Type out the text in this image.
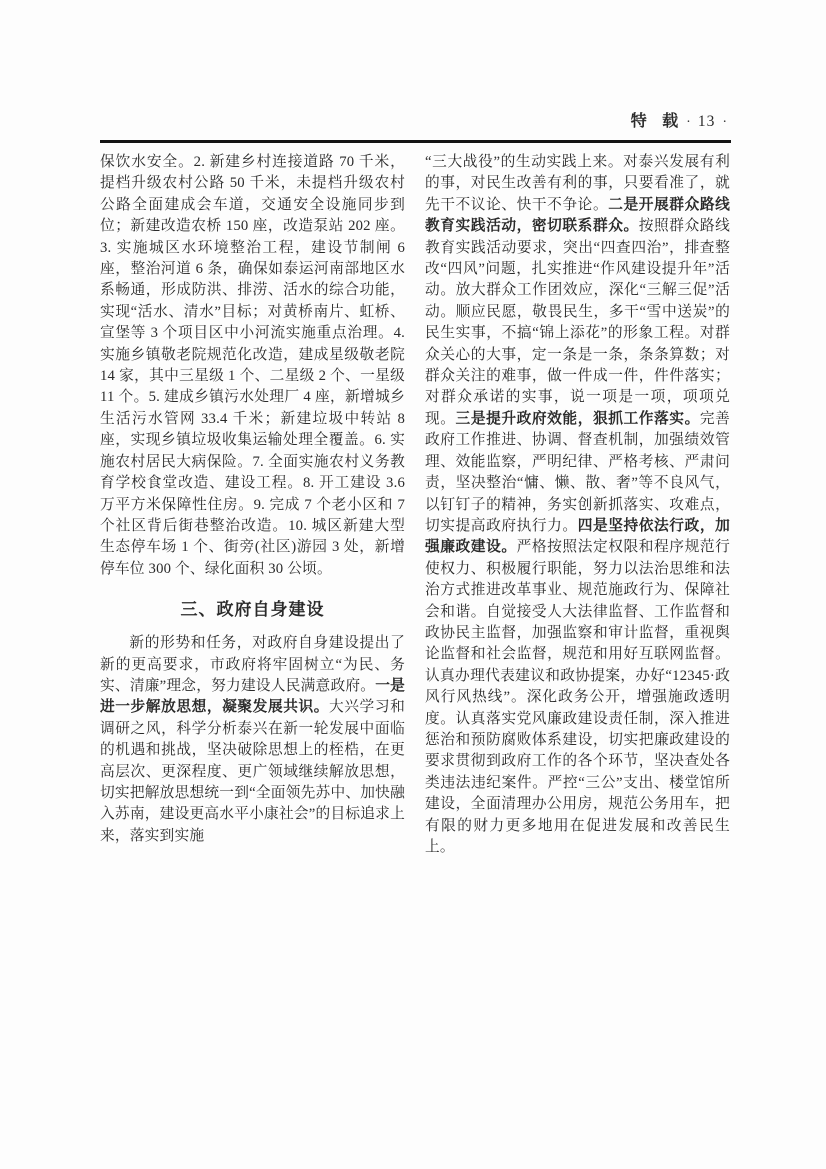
特 载 · 13 ·

保饮水安全。2. 新建乡村连接道路 70 千米，提档升级农村公路 50 千米，未提档升级农村公路全面建成会车道，交通安全设施同步到位；新建改造农桥 150 座，改造泵站 202 座。3. 实施城区水环境整治工程，建设节制闸 6 座，整治河道 6 条，确保如泰运河南部地区水系畅通，形成防洪、排涝、活水的综合功能，实现“活水、清水”目标；对黄桥南片、虹桥、宣堡等 3 个项目区中小河流实施重点治理。4. 实施乡镇敬老院规范化改造，建成星级敬老院 14 家，其中三星级 1 个、二星级 2 个、一星级 11 个。5. 建成乡镇污水处理厂 4 座，新增城乡生活污水管网 33.4 千米；新建垃圾中转站 8 座，实现乡镇垃圾收集运输处理全覆盖。6. 实施农村居民大病保险。7. 全面实施农村义务教育学校食堂改造、建设工程。8. 开工建设 3.6 万平方米保障性住房。9. 完成 7 个老小区和 7 个社区背后街巷整治改造。10. 城区新建大型生态停车场 1 个、街旁(社区)游园 3 处，新增停车位 300 个、绿化面积 30 公顷。

三、政府自身建设

新的形势和任务，对政府自身建设提出了新的更高要求，市政府将牢固树立“为民、务实、清廉”理念，努力建设人民满意政府。一是进一步解放思想，凝聚发展共识。大兴学习和调研之风，科学分析泰兴在新一轮发展中面临的机遇和挑战，坚决破除思想上的桎梏，在更高层次、更深程度、更广领域继续解放思想，切实把解放思想统一到“全面领先苏中、加快融入苏南，建设更高水平小康社会”的目标追求上来，落实到实施

“三大战役”的生动实践上来。对泰兴发展有利的事，对民生改善有利的事，只要看准了，就先干不议论、快干不争论。二是开展群众路线教育实践活动，密切联系群众。按照群众路线教育实践活动要求，突出“四查四治”，排查整改“四风”问题，扎实推进“作风建设提升年”活动。放大群众工作团效应，深化“三解三促”活动。顺应民愿，敬畏民生，多干“雪中送炭”的民生实事，不搞“锦上添花”的形象工程。对群众关心的大事，定一条是一条，条条算数；对群众关注的难事，做一件成一件，件件落实；对群众承诺的实事，说一项是一项，项项兑现。三是提升政府效能，狠抓工作落实。完善政府工作推进、协调、督查机制，加强绩效管理、效能监察，严明纪律、严格考核、严肃问责，坚决整治“慵、懒、散、奢”等不良风气，以钉钉子的精神，务实创新抓落实、攻难点，切实提高政府执行力。四是坚持依法行政，加强廉政建设。严格按照法定权限和程序规范行使权力、积极履行职能，努力以法治思维和法治方式推进改革事业、规范施政行为、保障社会和谐。自觉接受人大法律监督、工作监督和政协民主监督，加强监察和审计监督，重视舆论监督和社会监督，规范和用好互联网监督。认真办理代表建议和政协提案，办好“12345·政风行风热线”。深化政务公开，增强施政透明度。认真落实党风廉政建设责任制，深入推进惩治和预防腐败体系建设，切实把廉政建设的要求贯彻到政府工作的各个环节，坚决查处各类违法违纪案件。严控“三公”支出、楼堂馆所建设，全面清理办公用房，规范公务用车，把有限的财力更多地用在促进发展和改善民生上。
